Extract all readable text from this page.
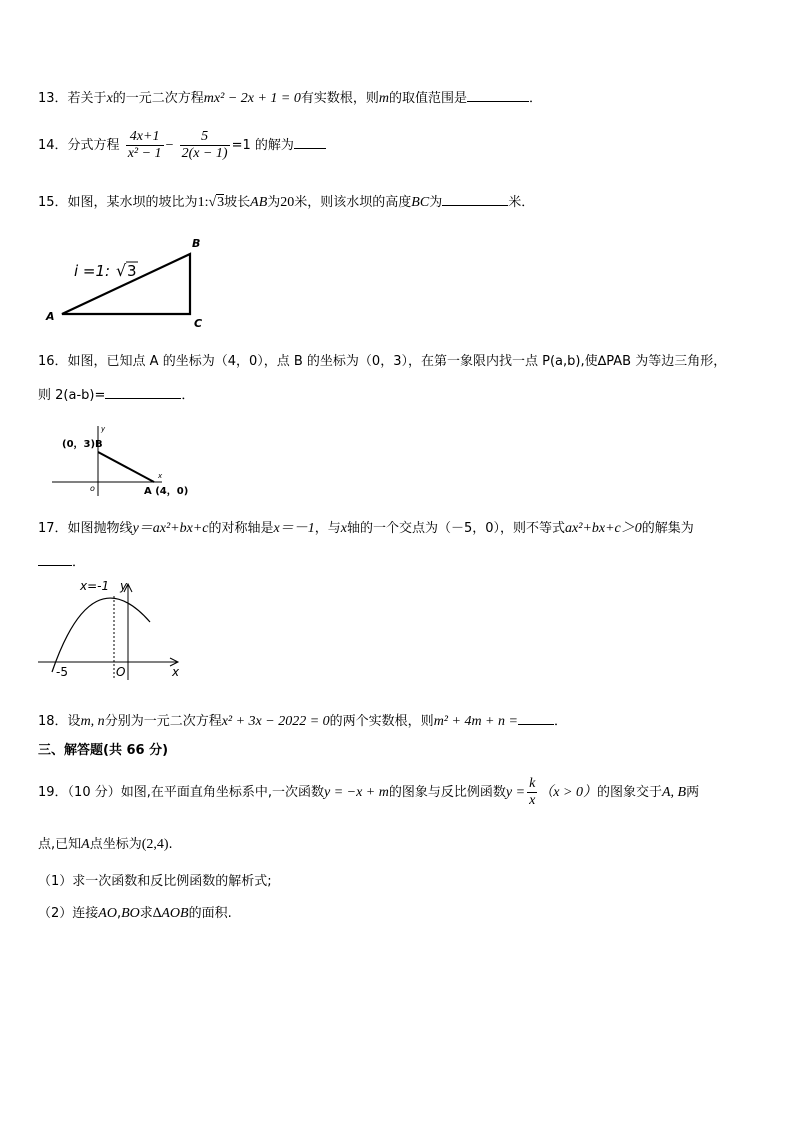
13．若关于x的一元二次方程mx² − 2x + 1 = 0有实数根，则m的取值范围是	．
14．分式方程 $\frac{4x+1}{\text{x² − 1}} - \frac{5}{2(x - 1)} =1$ 的解为
15．如图，某水坝的坡比为1:√3坡长AB为20米，则该水坝的高度BC为	米．
i =1: √ 3
A
B
C
16．如图，已知点 A 的坐标为（4，0），点 B 的坐标为（0，3），在第一象限内找一点 P(a,b),使∆PAB 为等边三角形，
则 2(a-b)=	．
y
x
o
(0，3)B
A (4，0)
17．如图抛物线y＝ax²+bx+c的对称轴是x＝－1，与x轴的一个交点为（－5，0），则不等式ax²+bx+c＞0的解集为
．
x=-1 y
x
O
-5
18．设m, n分别为一元二次方程x² + 3x − 2022 = 0的两个实数根，则m² + 4m + n =	．
三、解答题(共 66 分)
19．（10 分）如图,在平面直角坐标系中,一次函数y = −x + m的图象与反比例函数$y = \frac{k}{x} (x > 0)$的图象交于A, B两
点,已知A点坐标为(2,4).
（1）求一次函数和反比例函数的解析式;
（2）连接AO,BO求∆AOB的面积.
